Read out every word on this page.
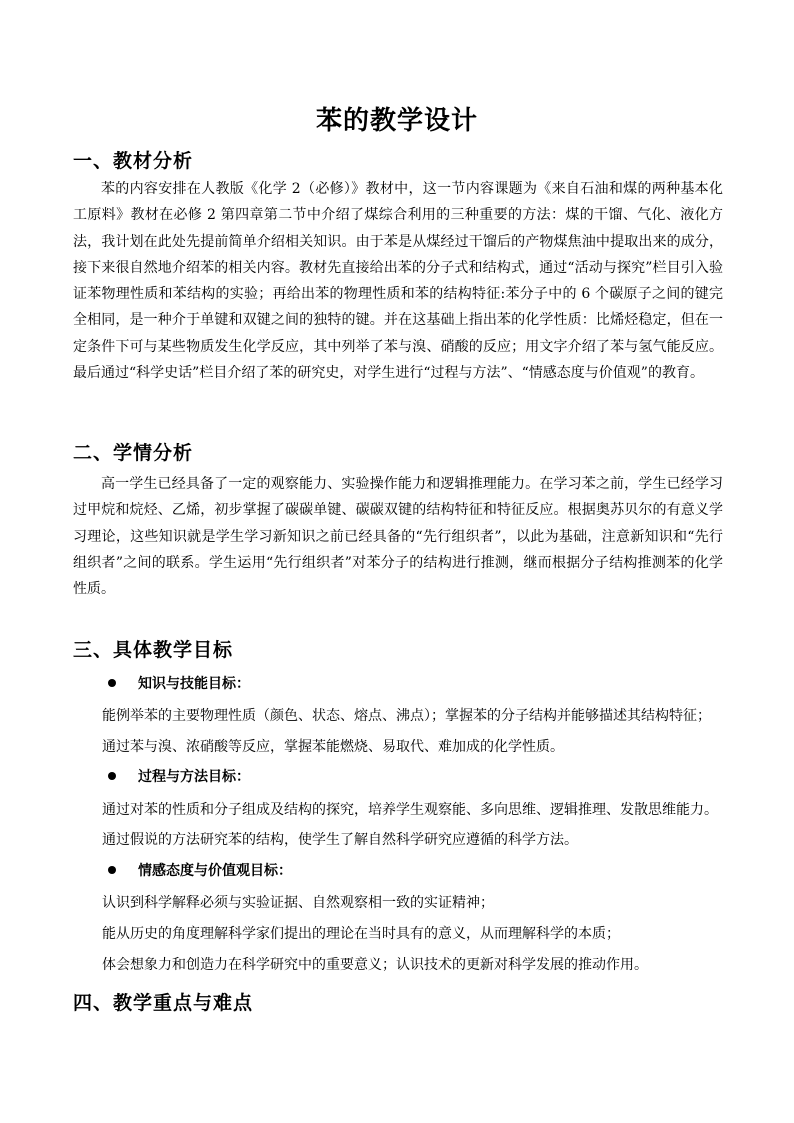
苯的教学设计
一、教材分析

苯的内容安排在人教版《化学 2（必修）》教材中，这一节内容课题为《来自石油和煤的两种基本化工原料》教材在必修 2 第四章第二节中介绍了煤综合利用的三种重要的方法：煤的干馏、气化、液化方法，我计划在此处先提前简单介绍相关知识。由于苯是从煤经过干馏后的产物煤焦油中提取出来的成分，接下来很自然地介绍苯的相关内容。教材先直接给出苯的分子式和结构式，通过“活动与探究”栏目引入验证苯物理性质和苯结构的实验；再给出苯的物理性质和苯的结构特征:苯分子中的 6 个碳原子之间的键完全相同，是一种介于单键和双键之间的独特的键。并在这基础上指出苯的化学性质：比烯烃稳定，但在一定条件下可与某些物质发生化学反应，其中列举了苯与溴、硝酸的反应；用文字介绍了苯与氢气能反应。最后通过“科学史话”栏目介绍了苯的研究史，对学生进行“过程与方法”、“情感态度与价值观”的教育。

二、学情分析

高一学生已经具备了一定的观察能力、实验操作能力和逻辑推理能力。在学习苯之前，学生已经学习过甲烷和烷烃、乙烯，初步掌握了碳碳单键、碳碳双键的结构特征和特征反应。根据奥苏贝尔的有意义学习理论，这些知识就是学生学习新知识之前已经具备的“先行组织者”，以此为基础，注意新知识和“先行组织者”之间的联系。学生运用“先行组织者”对苯分子的结构进行推测，继而根据分子结构推测苯的化学性质。

三、具体教学目标
知识与技能目标：

能例举苯的主要物理性质（颜色、状态、熔点、沸点）；掌握苯的分子结构并能够描述其结构特征；

通过苯与溴、浓硝酸等反应，掌握苯能燃烧、易取代、难加成的化学性质。

过程与方法目标：

通过对苯的性质和分子组成及结构的探究，培养学生观察能、多向思维、逻辑推理、发散思维能力。

通过假说的方法研究苯的结构，使学生了解自然科学研究应遵循的科学方法。

情感态度与价值观目标：

认识到科学解释必须与实验证据、自然观察相一致的实证精神；

能从历史的角度理解科学家们提出的理论在当时具有的意义，从而理解科学的本质；

体会想象力和创造力在科学研究中的重要意义；认识技术的更新对科学发展的推动作用。

四、教学重点与难点
